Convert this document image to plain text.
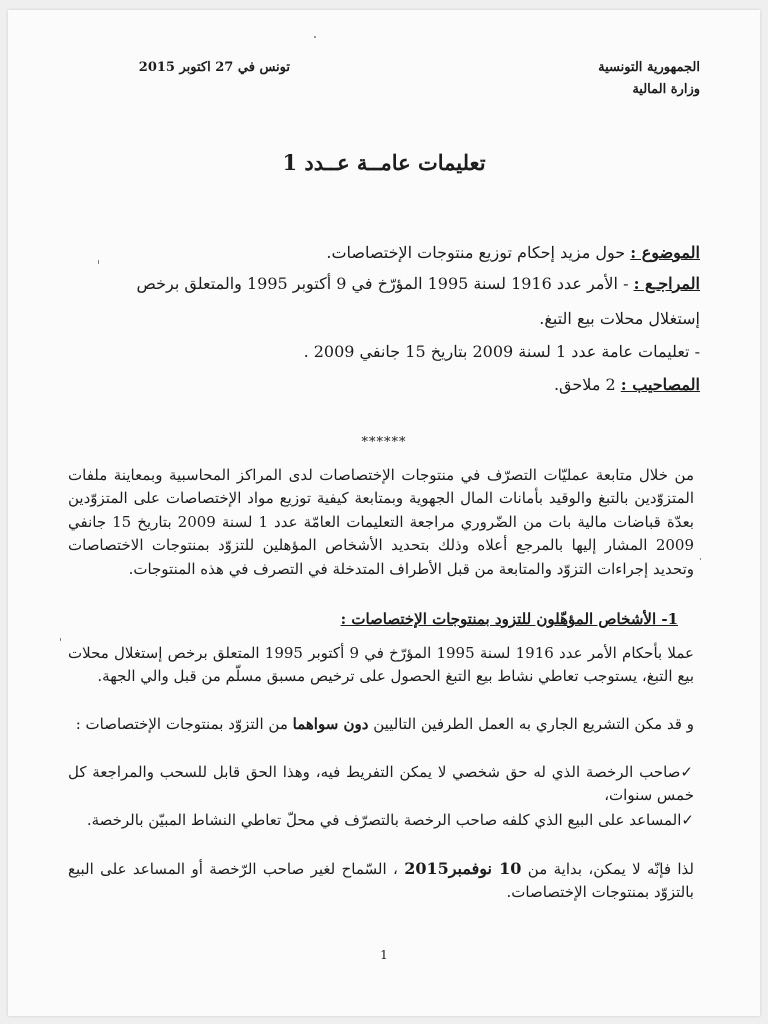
الجمهورية التونسية
وزارة المالية
تونس في 27 اكتوبر 2015
تعليمات عامــة عــدد 1
الموضوع : حول مزيد إحكام توزيع منتوجات الإختصاصات.
المراجـع : - الأمر عدد 1916 لسنة 1995 المؤرّخ في 9 أكتوبر 1995 والمتعلق برخص
إستغلال محلات بيع التبغ.
- تعليمات عامة عدد 1 لسنة 2009 بتاريخ 15 جانفي 2009 .
المصاحيب : 2 ملاحق.
******
من خلال متابعة عمليّات التصرّف في منتوجات الإختصاصات لدى المراكز المحاسبية وبمعاينة ملفات المتزوّدين بالتبغ والوقيد بأمانات المال الجهوية وبمتابعة كيفية توزيع مواد الإختصاصات على المتزوّدين بعدّة قباضات مالية بات من الضّروري مراجعة التعليمات العامّة عدد 1 لسنة 2009 بتاريخ 15 جانفي 2009 المشار إليها بالمرجع أعلاه وذلك بتحديد الأشخاص المؤهلين للتزوّد بمنتوجات الاختصاصات وتحديد إجراءات التزوّد والمتابعة من قبل الأطراف المتدخلة في التصرف في هذه المنتوجات.
1- الأشخاص المؤهّلون للتزود بمنتوجات الإختصاصات :
عملا بأحكام الأمر عدد 1916 لسنة 1995 المؤرّخ في 9 أكتوبر 1995 المتعلق برخص إستغلال محلات بيع التبغ، يستوجب تعاطي نشاط بيع التبغ الحصول على ترخيص مسبق مسلّم من قبل والي الجهة.
و قد مكن التشريع الجاري به العمل الطرفين التاليين دون سواهما من التزوّد بمنتوجات الإختصاصات :
✓صاحب الرخصة الذي له حق شخصي لا يمكن التفريط فيه، وهذا الحق قابل للسحب والمراجعة كل خمس سنوات،
✓المساعد على البيع الذي كلفه صاحب الرخصة بالتصرّف في محلّ تعاطي النشاط المبيّن بالرخصة.
لذا فإنّه لا يمكن، بداية من 10 نوفمبر2015 ، السّماح لغير صاحب الرّخصة أو المساعد على البيع بالتزوّد بمنتوجات الإختصاصات.
1
